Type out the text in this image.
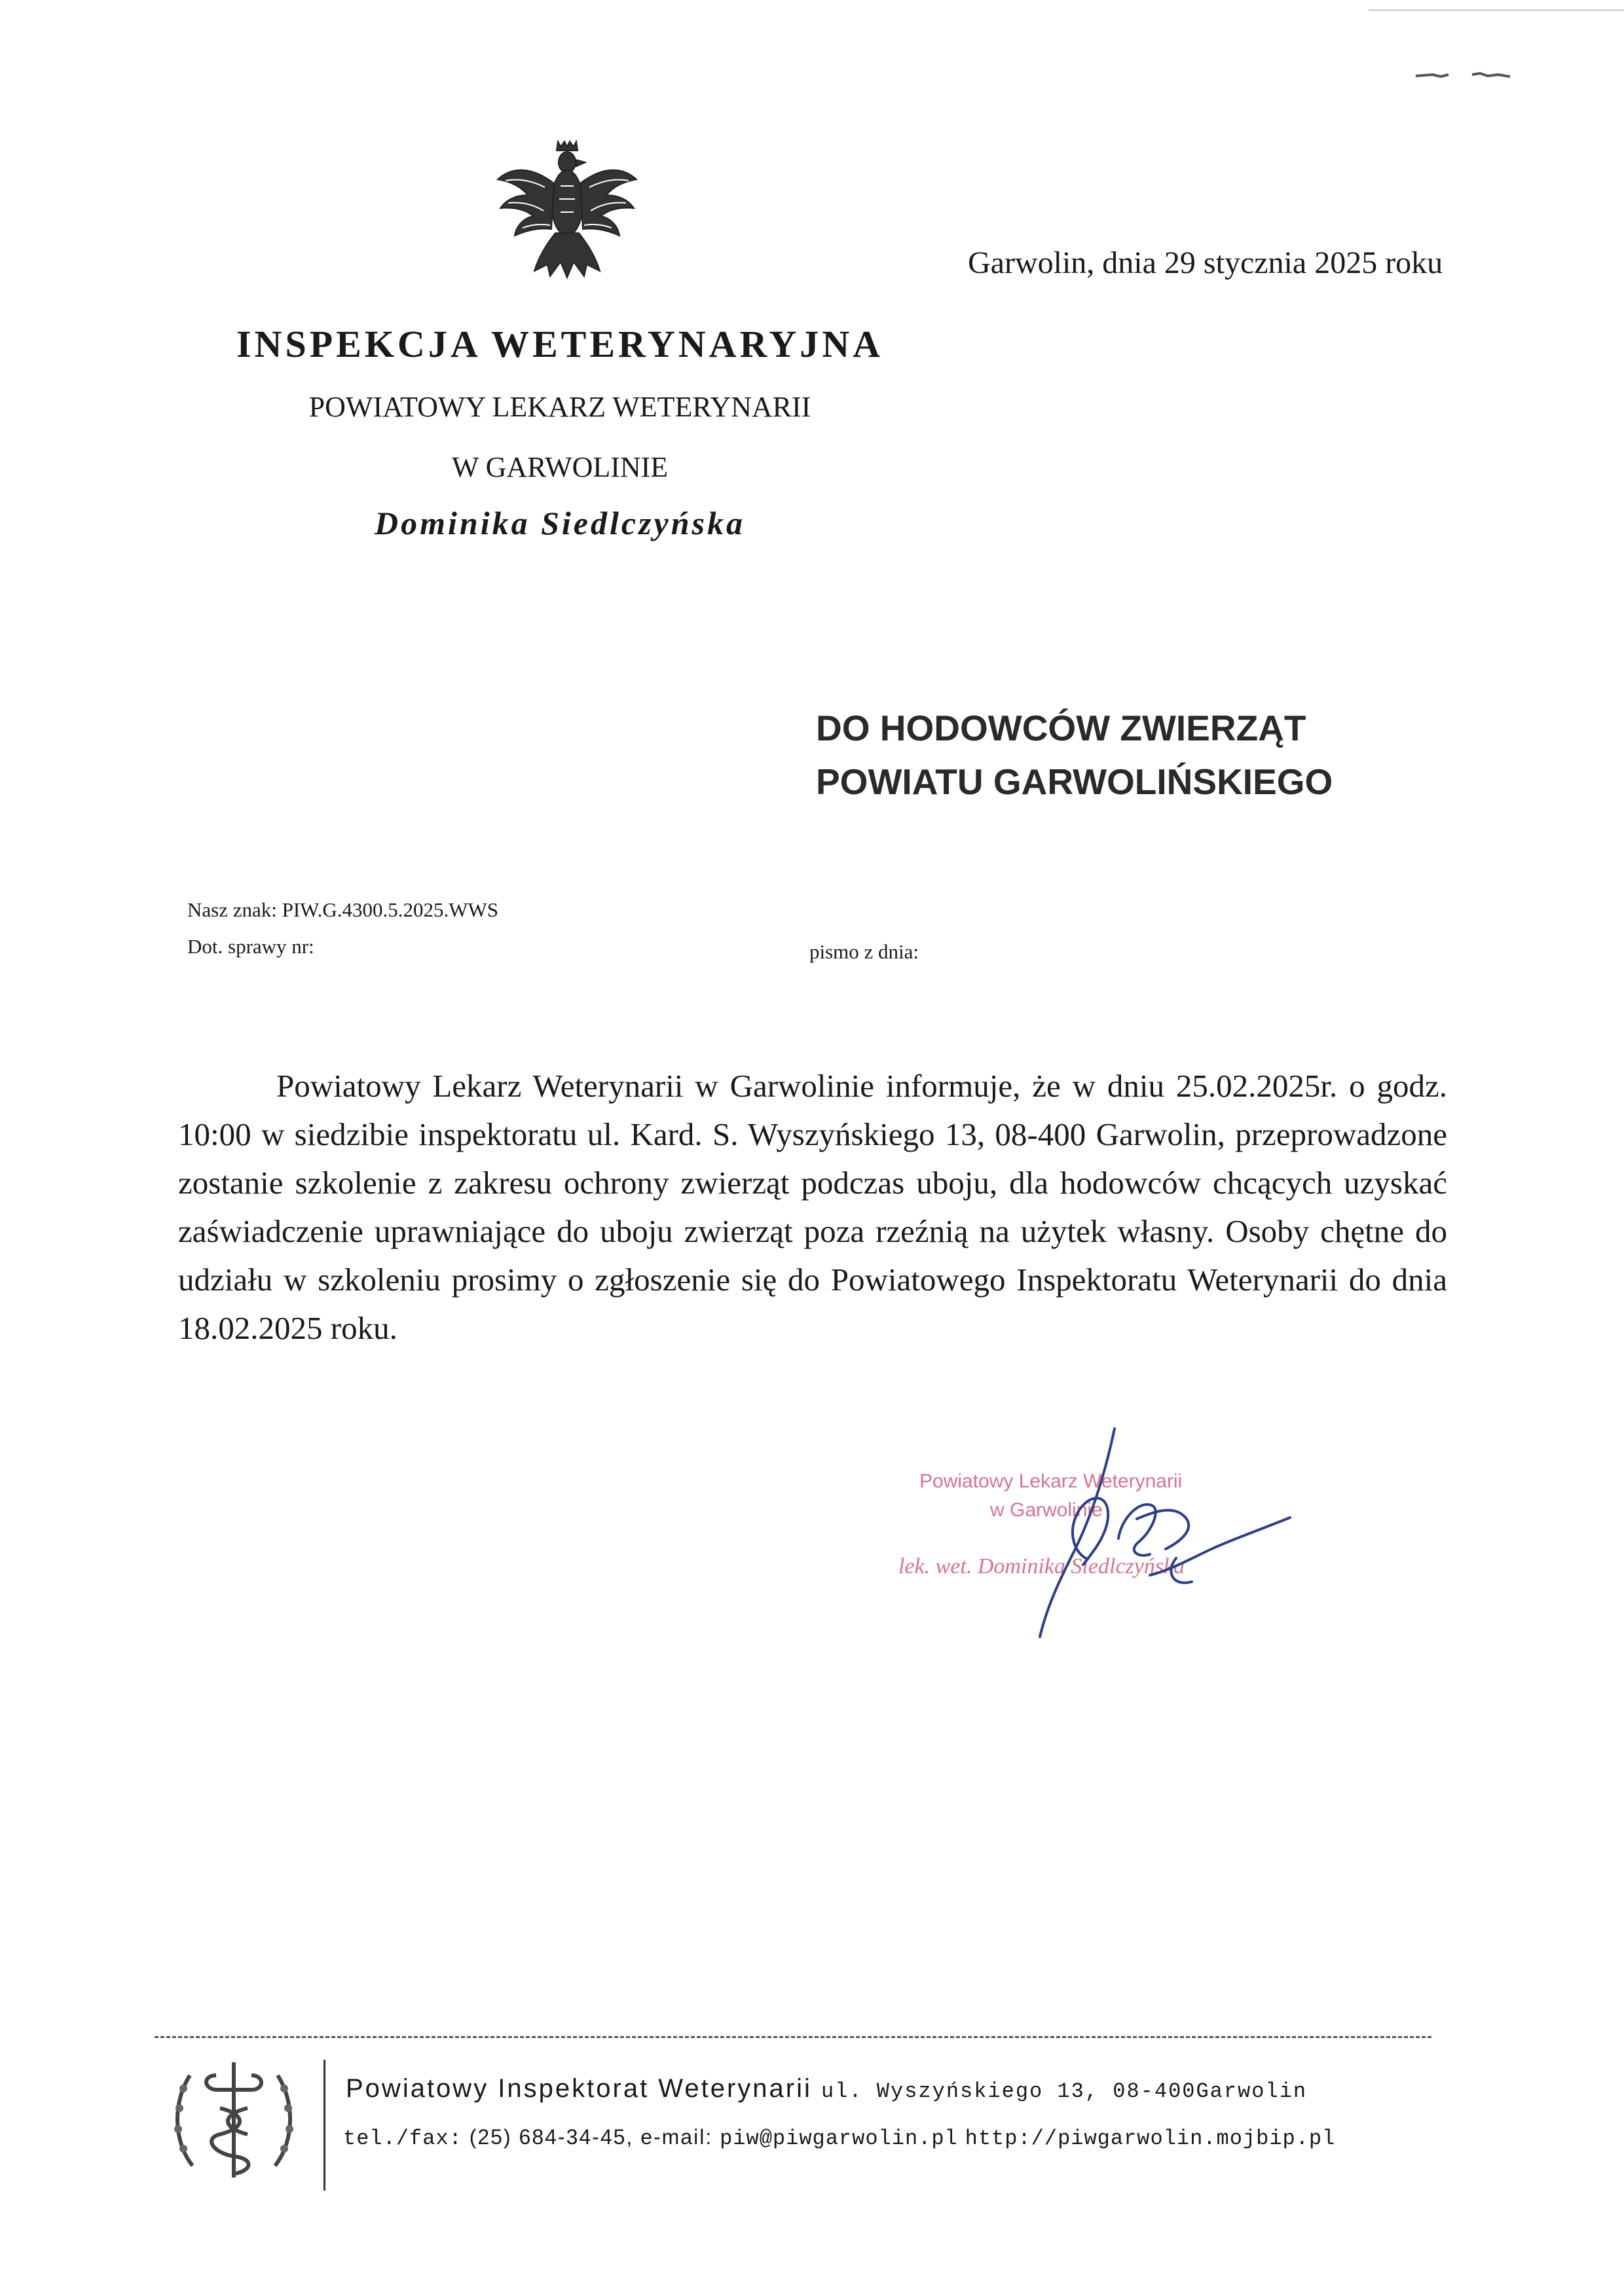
Garwolin, dnia 29 stycznia 2025 roku
INSPEKCJA WETERYNARYJNA
POWIATOWY LEKARZ WETERYNARII
W GARWOLINIE
Dominika Siedlczyńska
DO HODOWCÓW ZWIERZĄT
POWIATU GARWOLIŃSKIEGO
Nasz znak: PIW.G.4300.5.2025.WWS
Dot. sprawy nr:	pismo z dnia:
Powiatowy Lekarz Weterynarii w Garwolinie informuje, że w dniu 25.02.2025r. o godz. 10:00 w siedzibie inspektoratu ul. Kard. S. Wyszyńskiego 13, 08-400 Garwolin, przeprowadzone zostanie szkolenie z zakresu ochrony zwierząt podczas uboju, dla hodowców chcących uzyskać zaświadczenie uprawniające do uboju zwierząt poza rzeźnią na użytek własny. Osoby chętne do udziału w szkoleniu prosimy o zgłoszenie się do Powiatowego Inspektoratu Weterynarii do dnia 18.02.2025 roku.
Powiatowy Lekarz Weterynarii
w Garwolinie
lek. wet. Dominika Siedlczyńska
Powiatowy Inspektorat Weterynarii ul. Wyszyńskiego 13, 08-400Garwolin
tel./fax: (25) 684-34-45, e-mail: piw@piwgarwolin.pl http://piwgarwolin.mojbip.pl
